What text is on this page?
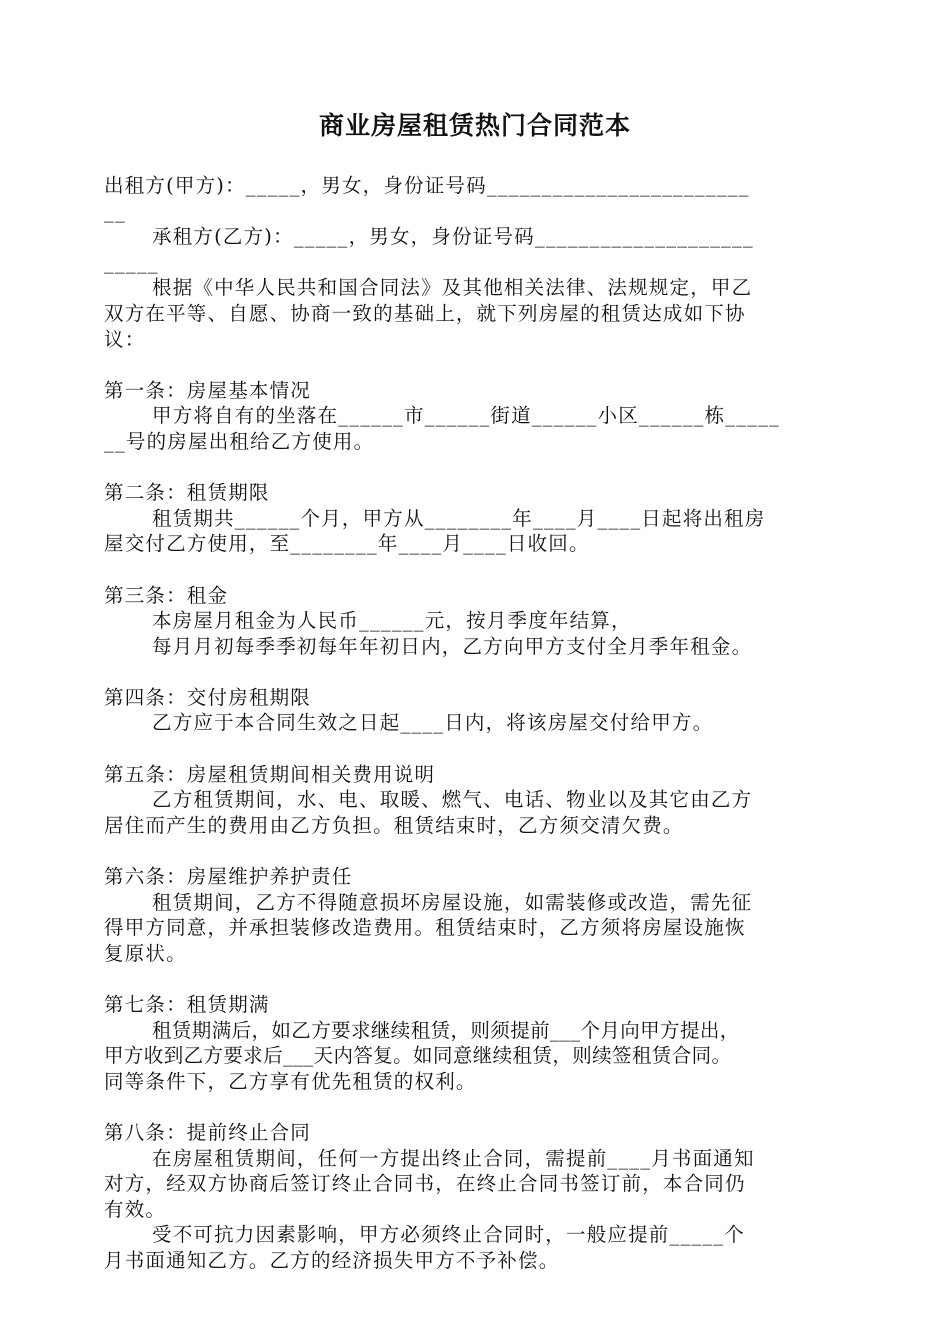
商业房屋租赁热门合同范本
出租方(甲方)：_____，男女，身份证号码________________________
__
承租方(乙方)：_____，男女，身份证号码____________________
_____
根据《中华人民共和国合同法》及其他相关法律、法规规定，甲乙
双方在平等、自愿、协商一致的基础上，就下列房屋的租赁达成如下协
议：
第一条：房屋基本情况
甲方将自有的坐落在______市______街道______小区______栋_____
__号的房屋出租给乙方使用。
第二条：租赁期限
租赁期共______个月，甲方从________年____月____日起将出租房
屋交付乙方使用，至________年____月____日收回。
第三条：租金
本房屋月租金为人民币______元，按月季度年结算，
每月月初每季季初每年年初日内，乙方向甲方支付全月季年租金。
第四条：交付房租期限
乙方应于本合同生效之日起____日内，将该房屋交付给甲方。
第五条：房屋租赁期间相关费用说明
乙方租赁期间，水、电、取暖、燃气、电话、物业以及其它由乙方
居住而产生的费用由乙方负担。租赁结束时，乙方须交清欠费。
第六条：房屋维护养护责任
租赁期间，乙方不得随意损坏房屋设施，如需装修或改造，需先征
得甲方同意，并承担装修改造费用。租赁结束时，乙方须将房屋设施恢
复原状。
第七条：租赁期满
租赁期满后，如乙方要求继续租赁，则须提前___个月向甲方提出，
甲方收到乙方要求后___天内答复。如同意继续租赁，则续签租赁合同。
同等条件下，乙方享有优先租赁的权利。
第八条：提前终止合同
在房屋租赁期间，任何一方提出终止合同，需提前____月书面通知
对方，经双方协商后签订终止合同书，在终止合同书签订前，本合同仍
有效。
受不可抗力因素影响，甲方必须终止合同时，一般应提前_____个
月书面通知乙方。乙方的经济损失甲方不予补偿。
